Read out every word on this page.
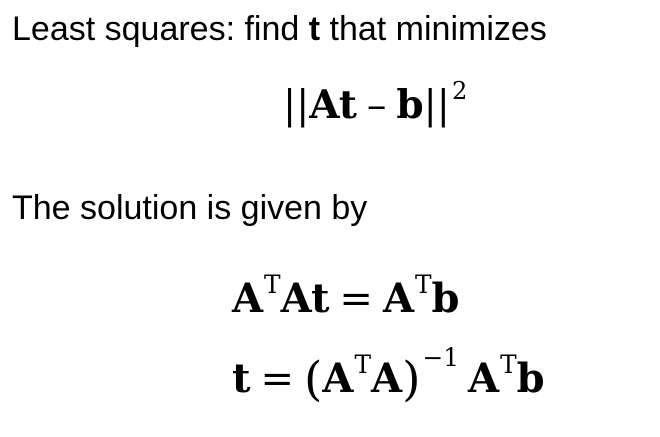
Least squares: find t that minimizes
$||At - b||^2$
The solution is given by
$A^TAt = A^Tb$
$t = (A^TA)^{-1}$ $A^Tb$
